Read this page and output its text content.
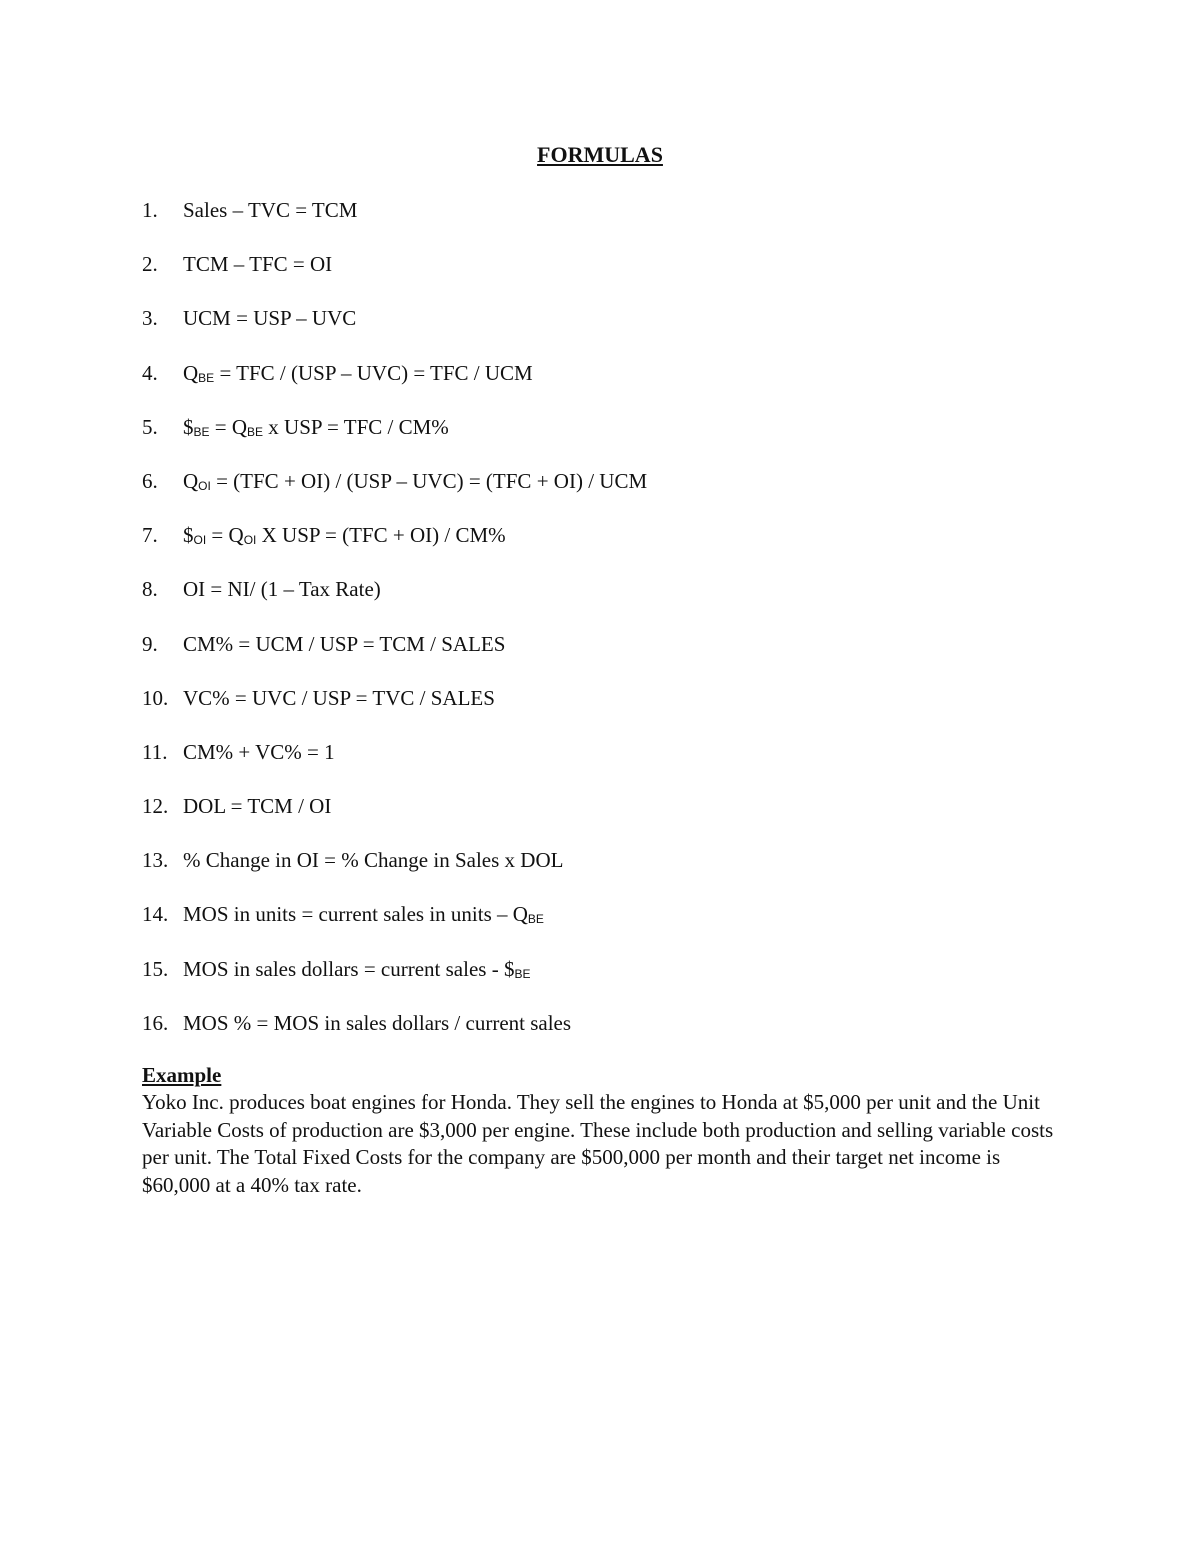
FORMULAS
1. Sales – TVC = TCM
2. TCM – TFC = OI
3. UCM = USP – UVC
4. QBE = TFC / (USP – UVC) = TFC / UCM
5. $BE = QBE x USP = TFC / CM%
6. QOI = (TFC + OI) / (USP – UVC) = (TFC + OI) / UCM
7. $OI = QOI X USP = (TFC + OI) / CM%
8. OI = NI/ (1 – Tax Rate)
9. CM% = UCM / USP = TCM / SALES
10. VC% = UVC / USP = TVC / SALES
11. CM% + VC% = 1
12. DOL = TCM / OI
13. % Change in OI = % Change in Sales x DOL
14. MOS in units = current sales in units – QBE
15. MOS in sales dollars = current sales - $BE
16. MOS % = MOS in sales dollars / current sales

Example

Yoko Inc. produces boat engines for Honda. They sell the engines to Honda at $5,000 per unit and the Unit Variable Costs of production are $3,000 per engine. These include both production and selling variable costs per unit. The Total Fixed Costs for the company are $500,000 per month and their target net income is $60,000 at a 40% tax rate.
